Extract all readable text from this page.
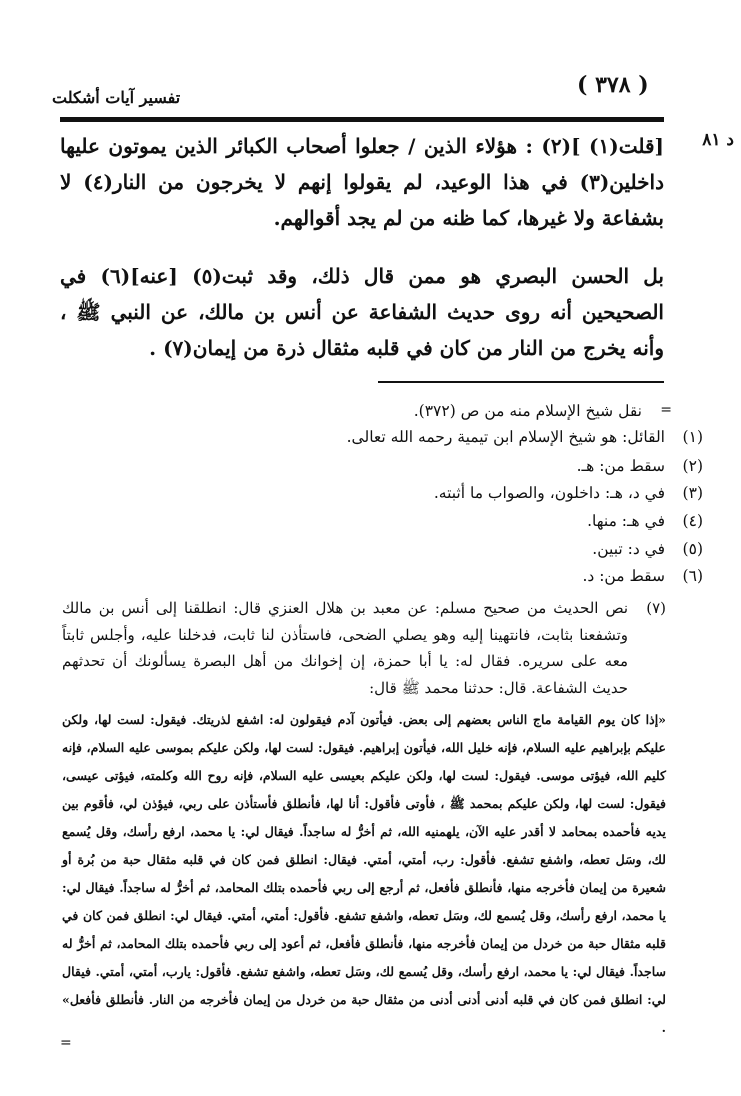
( ٣٧٨ )
تفسير آيات أشكلت
د ٨١
[قلت(١) ](٢) : هؤلاء الذين / جعلوا أصحاب الكبائر الذين يموتون عليها داخلين(٣) في هذا الوعيد، لم يقولوا إنهم لا يخرجون من النار(٤) لا بشفاعة ولا غيرها، كما ظنه من لم يجد أقوالهم.
بل الحسن البصري هو ممن قال ذلك، وقد ثبت(٥) [عنه](٦) في الصحيحين أنه روى حديث الشفاعة عن أنس بن مالك، عن النبي ﷺ ، وأنه يخرج من النار من كان في قلبه مثقال ذرة من إيمان(٧) .
=
نقل شيخ الإسلام منه من ص (٣٧٢).
(١)
القائل: هو شيخ الإسلام ابن تيمية رحمه الله تعالى.
(٢)
سقط من: هـ.
(٣)
في د، هـ: داخلون، والصواب ما أثبته.
(٤)
في هـ: منها.
(٥)
في د: تبين.
(٦)
سقط من: د.
(٧)
نص الحديث من صحيح مسلم: عن معبد بن هلال العنزي قال: انطلقنا إلى أنس بن مالك وتشفعنا بثابت، فانتهينا إليه وهو يصلي الضحى، فاستأذن لنا ثابت، فدخلنا عليه، وأجلس ثابتاً معه على سريره. فقال له: يا أبا حمزة، إن إخوانك من أهل البصرة يسألونك أن تحدثهم حديث الشفاعة. قال: حدثنا محمد ﷺ قال:
«إذا كان يوم القيامة ماج الناس بعضهم إلى بعض. فيأتون آدم فيقولون له: اشفع لذريتك. فيقول: لست لها، ولكن عليكم بإبراهيم عليه السلام، فإنه خليل الله، فيأتون إبراهيم. فيقول: لست لها، ولكن عليكم بموسى عليه السلام، فإنه كليم الله، فيؤتى موسى. فيقول: لست لها، ولكن عليكم بعيسى عليه السلام، فإنه روح الله وكلمته، فيؤتى عيسى، فيقول: لست لها، ولكن عليكم بمحمد ﷺ ، فأوتى فأقول: أنا لها، فأنطلق فأستأذن على ربي، فيؤذن لي، فأقوم بين يديه فأحمده بمحامد لا أقدر عليه الآن، يلهمنيه الله، ثم أخرُّ له ساجداً. فيقال لي: يا محمد، ارفع رأسك، وقل يُسمع لك، وسَل تعطه، واشفع تشفع. فأقول: رب، أمتي، أمتي. فيقال: انطلق فمن كان في قلبه مثقال حبة من بُرة أو شعيرة من إيمان فأخرجه منها، فأنطلق فأفعل، ثم أرجع إلى ربي فأحمده بتلك المحامد، ثم أخرُّ له ساجداً. فيقال لي: يا محمد، ارفع رأسك، وقل يُسمع لك، وسَل تعطه، واشفع تشفع. فأقول: أمتي، أمتي. فيقال لي: انطلق فمن كان في قلبه مثقال حبة من خردل من إيمان فأخرجه منها، فأنطلق فأفعل، ثم أعود إلى ربي فأحمده بتلك المحامد، ثم أخرُّ له ساجداً. فيقال لي: يا محمد، ارفع رأسك، وقل يُسمع لك، وسَل تعطه، واشفع تشفع. فأقول: يارب، أمتي، أمتي. فيقال لي: انطلق فمن كان في قلبه أدنى أدنى أدنى من مثقال حبة من خردل من إيمان فأخرجه من النار. فأنطلق فأفعل» .
=
